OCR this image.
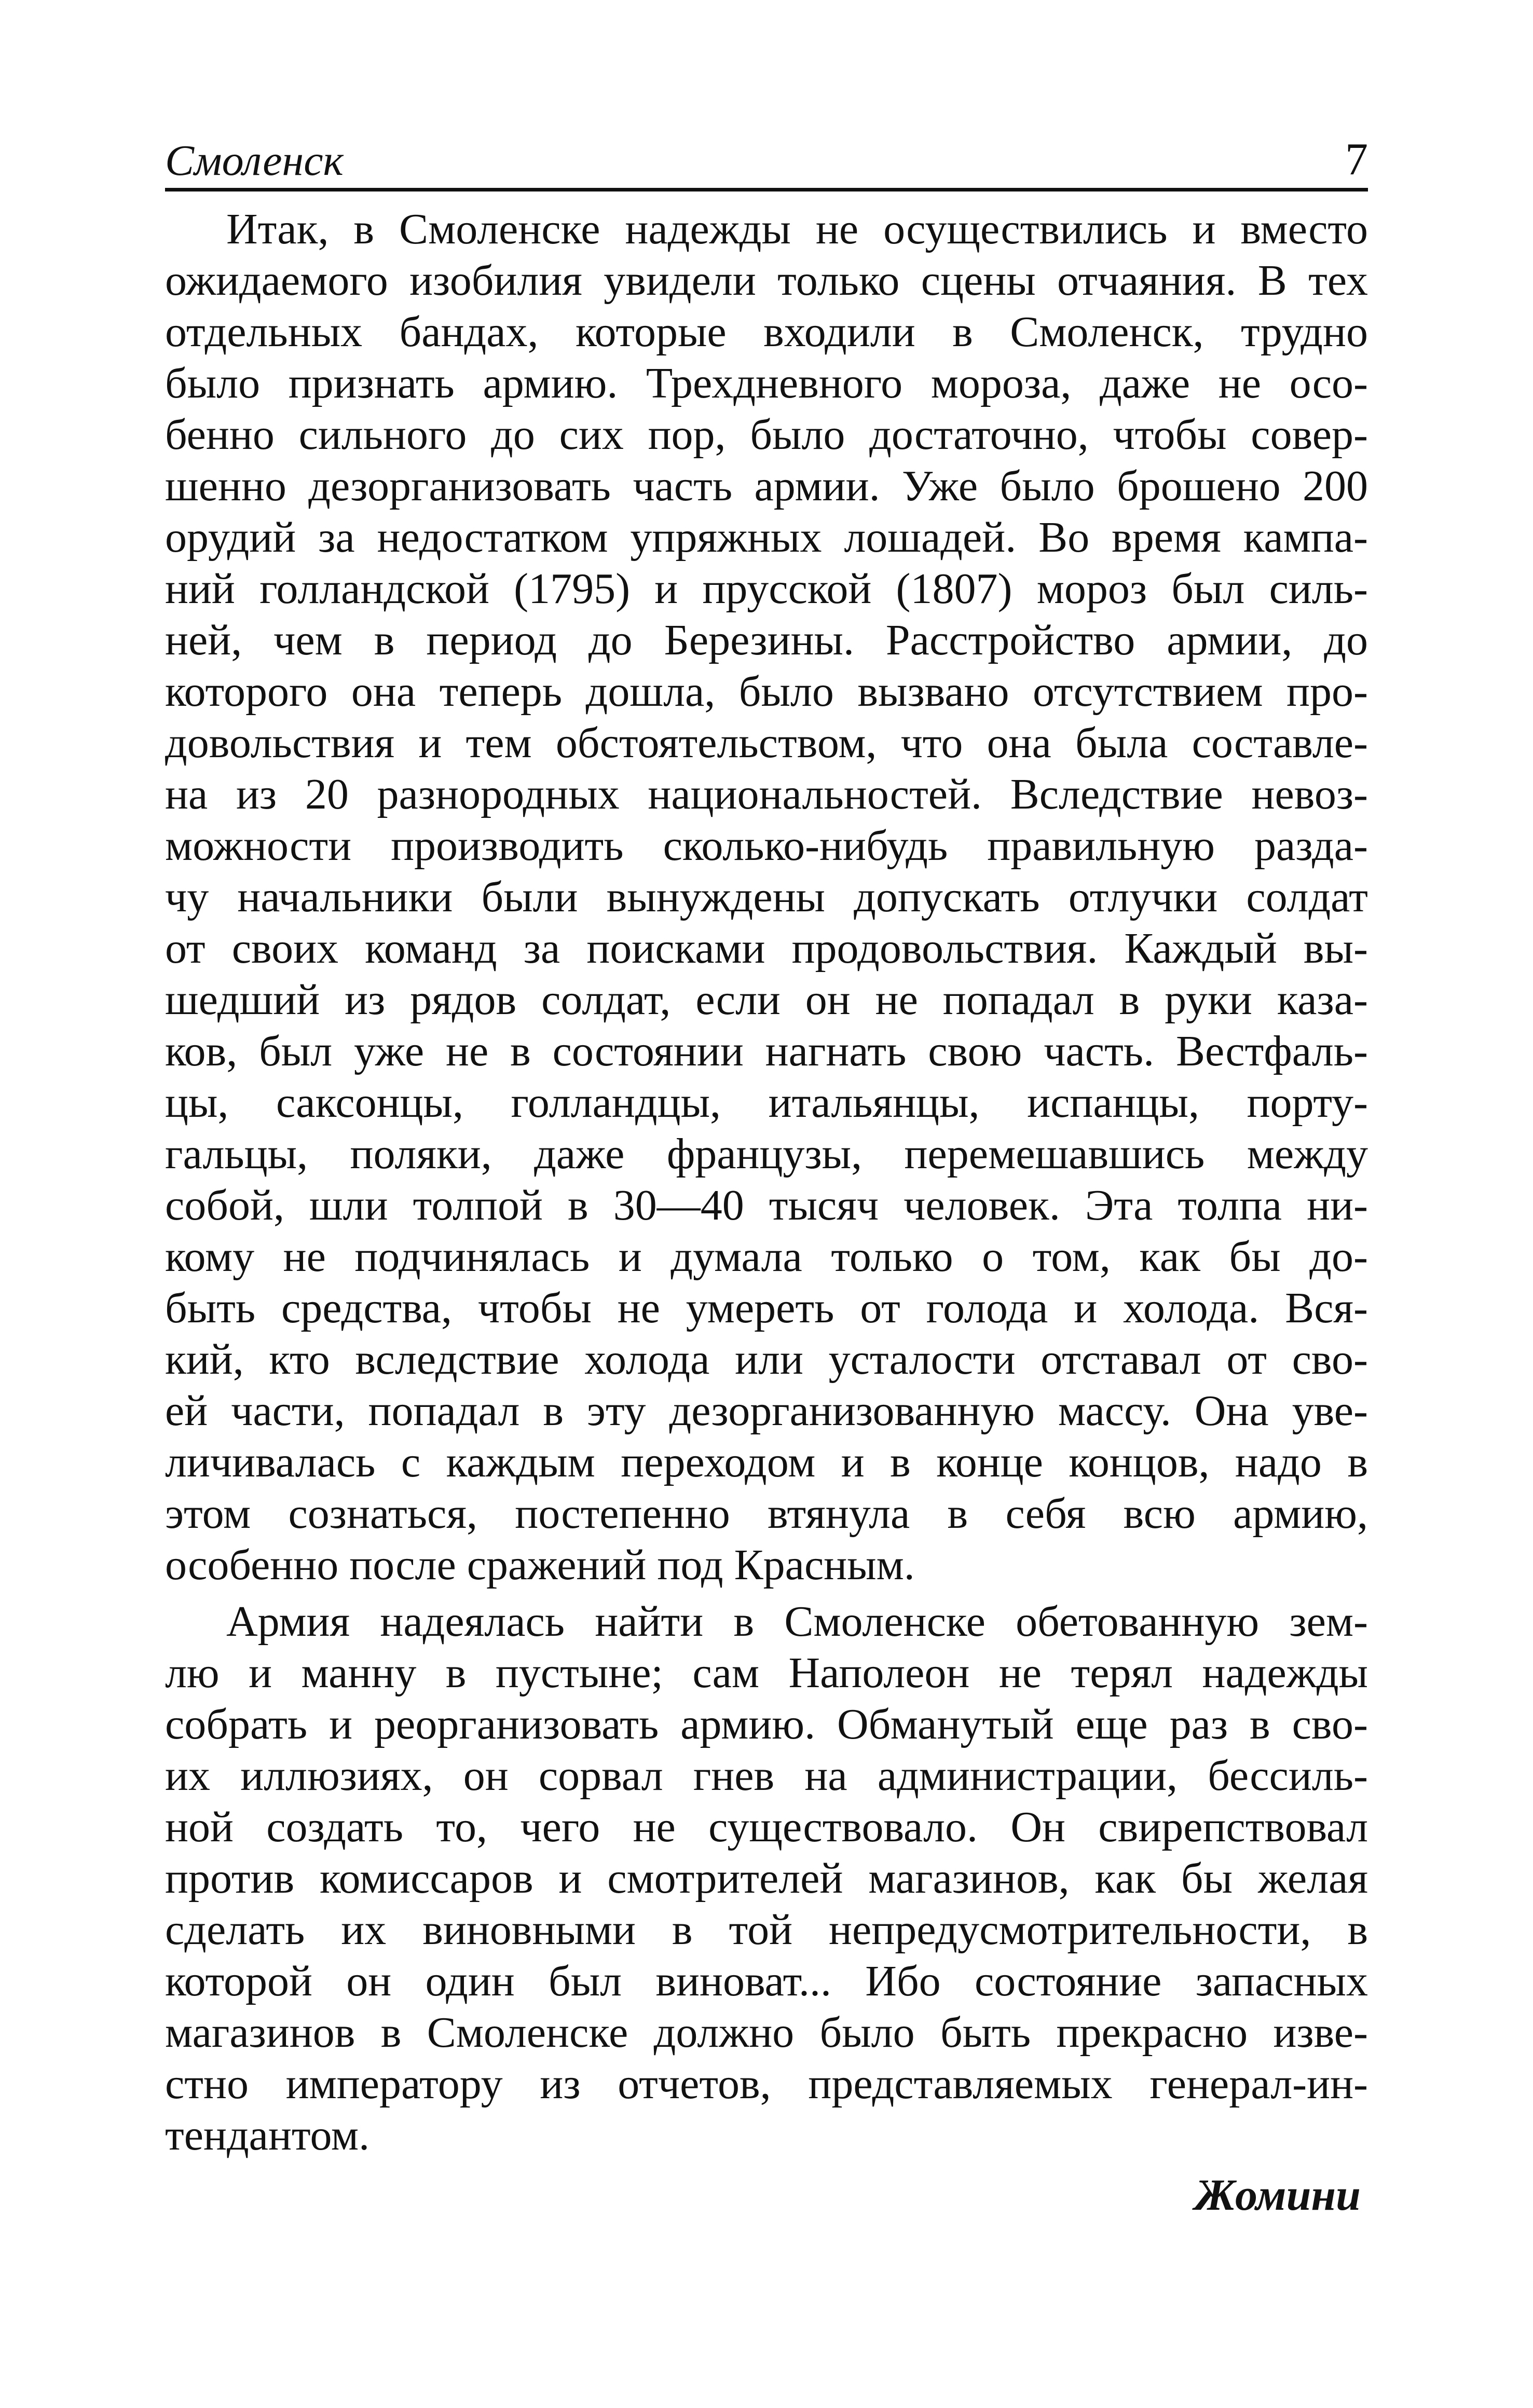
Смоленск	7
Итак, в Смоленске надежды не осуществились и вместо
ожидаемого изобилия увидели только сцены отчаяния. В тех
отдельных бандах, которые входили в Смоленск, трудно
было признать армию. Трехдневного мороза, даже не осо-
бенно сильного до сих пор, было достаточно, чтобы совер-
шенно дезорганизовать часть армии. Уже было брошено 200
орудий за недостатком упряжных лошадей. Во время кампа-
ний голландской (1795) и прусской (1807) мороз был силь-
ней, чем в период до Березины. Расстройство армии, до
которого она теперь дошла, было вызвано отсутствием про-
довольствия и тем обстоятельством, что она была составле-
на из 20 разнородных национальностей. Вследствие невоз-
можности производить сколько-нибудь правильную разда-
чу начальники были вынуждены допускать отлучки солдат
от своих команд за поисками продовольствия. Каждый вы-
шедший из рядов солдат, если он не попадал в руки каза-
ков, был уже не в состоянии нагнать свою часть. Вестфаль-
цы, саксонцы, голландцы, итальянцы, испанцы, порту-
гальцы, поляки, даже французы, перемешавшись между
собой, шли толпой в 30—40 тысяч человек. Эта толпа ни-
кому не подчинялась и думала только о том, как бы до-
быть средства, чтобы не умереть от голода и холода. Вся-
кий, кто вследствие холода или усталости отставал от сво-
ей части, попадал в эту дезорганизованную массу. Она уве-
личивалась с каждым переходом и в конце концов, надо в
этом сознаться, постепенно втянула в себя всю армию,
особенно после сражений под Красным.
Армия надеялась найти в Смоленске обетованную зем-
лю и манну в пустыне; сам Наполеон не терял надежды
собрать и реорганизовать армию. Обманутый еще раз в сво-
их иллюзиях, он сорвал гнев на администрации, бессиль-
ной создать то, чего не существовало. Он свирепствовал
против комиссаров и смотрителей магазинов, как бы желая
сделать их виновными в той непредусмотрительности, в
которой он один был виноват... Ибо состояние запасных
магазинов в Смоленске должно было быть прекрасно изве-
стно императору из отчетов, представляемых генерал-ин-
тендантом.
Жомини
